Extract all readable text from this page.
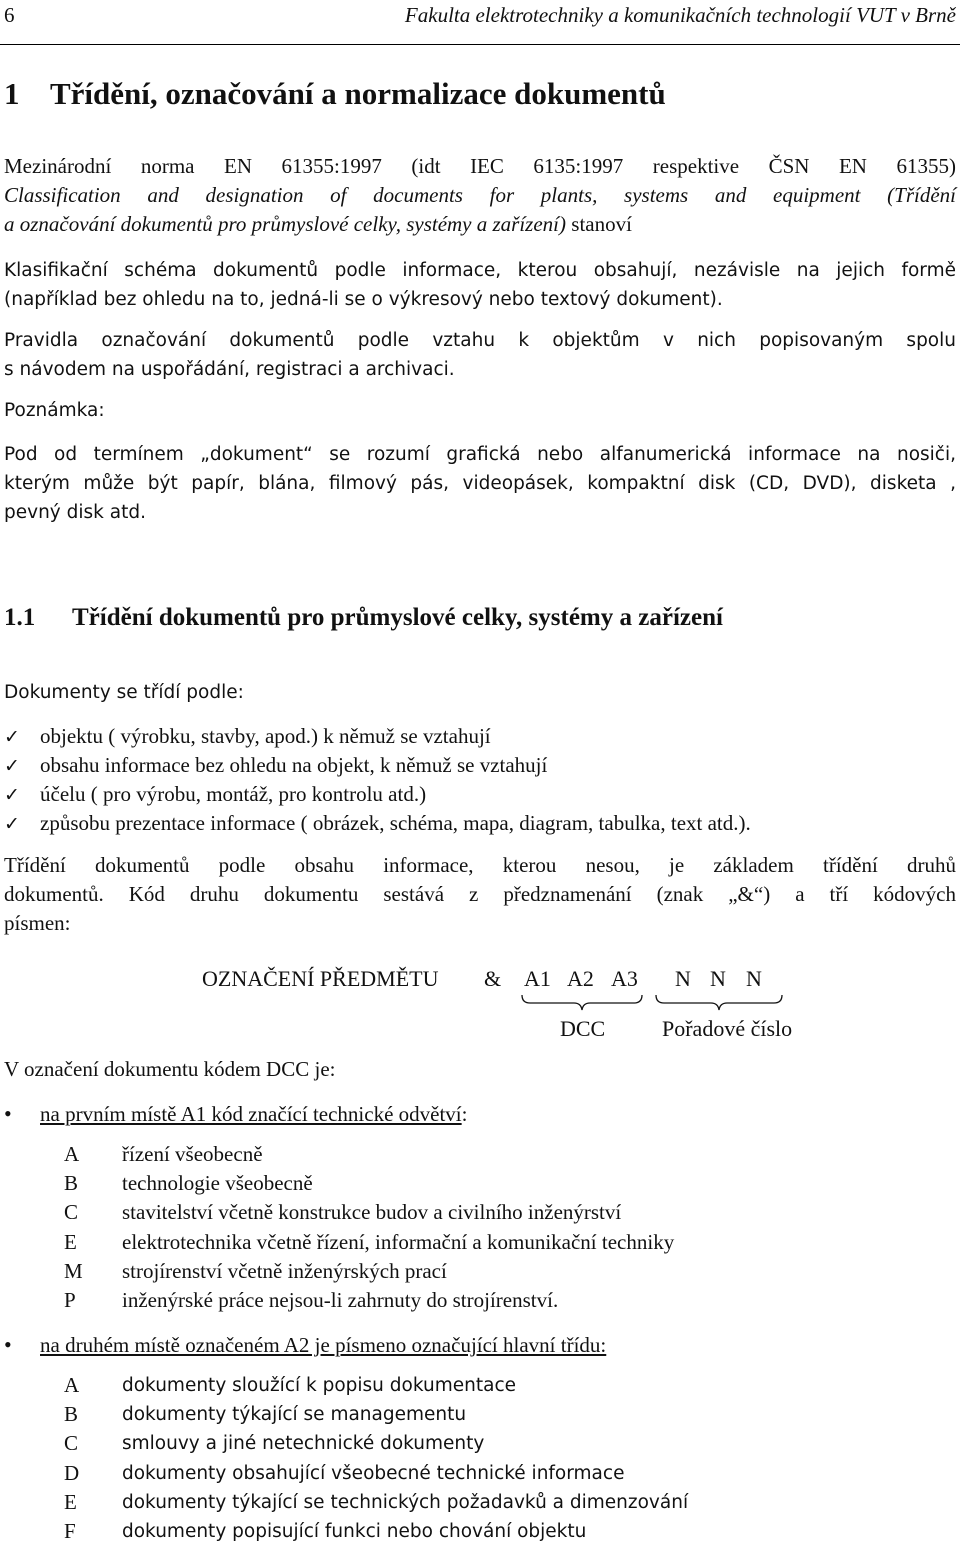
6	Fakulta elektrotechniky a komunikačních technologií VUT v Brně
1 Třídění, označování a normalizace dokumentů
Mezinárodní norma EN 61355:1997 (idt IEC 6135:1997 respektive ČSN EN 61355)
Classification and designation of documents for plants, systems and equipment (Třídění
a označování dokumentů pro průmyslové celky, systémy a zařízení) stanoví
Klasifikační schéma dokumentů podle informace, kterou obsahují, nezávisle na jejich formě
(například bez ohledu na to, jedná-li se o výkresový nebo textový dokument).
Pravidla označování dokumentů podle vztahu k objektům v nich popisovaným spolu
s návodem na uspořádání, registraci a archivaci.
Poznámka:
Pod od termínem „dokument“ se rozumí grafická nebo alfanumerická informace na nosiči,
kterým může být papír, blána, filmový pás, videopásek, kompaktní disk (CD, DVD), disketa ,
pevný disk atd.
1.1 Třídění dokumentů pro průmyslové celky, systémy a zařízení
Dokumenty se třídí podle:
✓ objektu ( výrobku, stavby, apod.) k němuž se vztahují
✓ obsahu informace bez ohledu na objekt, k němuž se vztahují
✓ účelu ( pro výrobu, montáž, pro kontrolu atd.)
✓ způsobu prezentace informace ( obrázek, schéma, mapa, diagram, tabulka, text atd.).
Třídění dokumentů podle obsahu informace, kterou nesou, je základem třídění druhů
dokumentů. Kód druhu dokumentu sestává z předznamenání (znak „&“) a tří kódových
písmen:
OZNAČENÍ PŘEDMĚTU & A1 A2 A3 N N N
DCC	Pořadové číslo
V označení dokumentu kódem DCC je:
• na prvním místě A1 kód značící technické odvětví:
A	řízení všeobecně
B	technologie všeobecně
C	stavitelství včetně konstrukce budov a civilního inženýrství
E	elektrotechnika včetně řízení, informační a komunikační techniky
M	strojírenství včetně inženýrských prací
P	inženýrské práce nejsou-li zahrnuty do strojírenství.
• na druhém místě označeném A2 je písmeno označující hlavní třídu:
A	dokumenty sloužící k popisu dokumentace
B	dokumenty týkající se managementu
C	smlouvy a jiné netechnické dokumenty
D	dokumenty obsahující všeobecné technické informace
E	dokumenty týkající se technických požadavků a dimenzování
F	dokumenty popisující funkci nebo chování objektu
